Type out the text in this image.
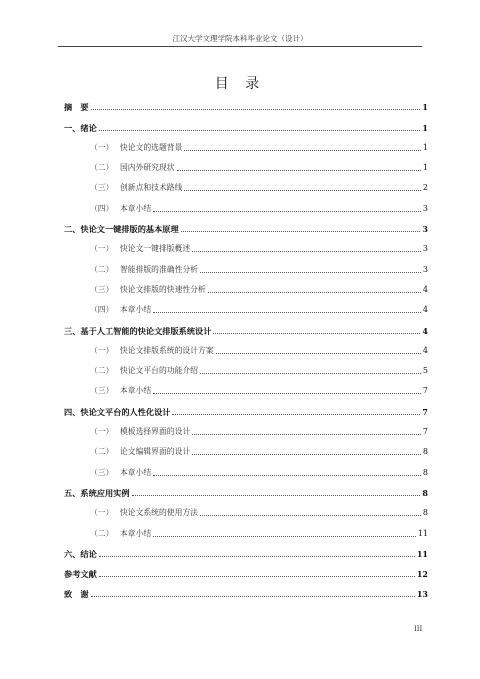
江汉大学文理学院本科毕业论文（设计）
目 录
摘　要	1
一、绪论	1
（一） 快论文的选题背景	1
（二） 国内外研究现状	1
（三） 创新点和技术路线	2
（四） 本章小结	3
二、快论文一键排版的基本原理	3
（一） 快论文一键排版概述	3
（二） 智能排版的准确性分析	3
（三） 快论文排版的快速性分析	4
（四） 本章小结	4
三、基于人工智能的快论文排版系统设计	4
（一） 快论文排版系统的设计方案	4
（二） 快论文平台的功能介绍	5
（三） 本章小结	7
四、快论文平台的人性化设计	7
（一） 模板选择界面的设计	7
（二） 论文编辑界面的设计	8
（三） 本章小结	8
五、系统应用实例	8
（一） 快论文系统的使用方法	8
（二） 本章小结	11
六、结论	11
参考文献	12
致　谢	13
III
